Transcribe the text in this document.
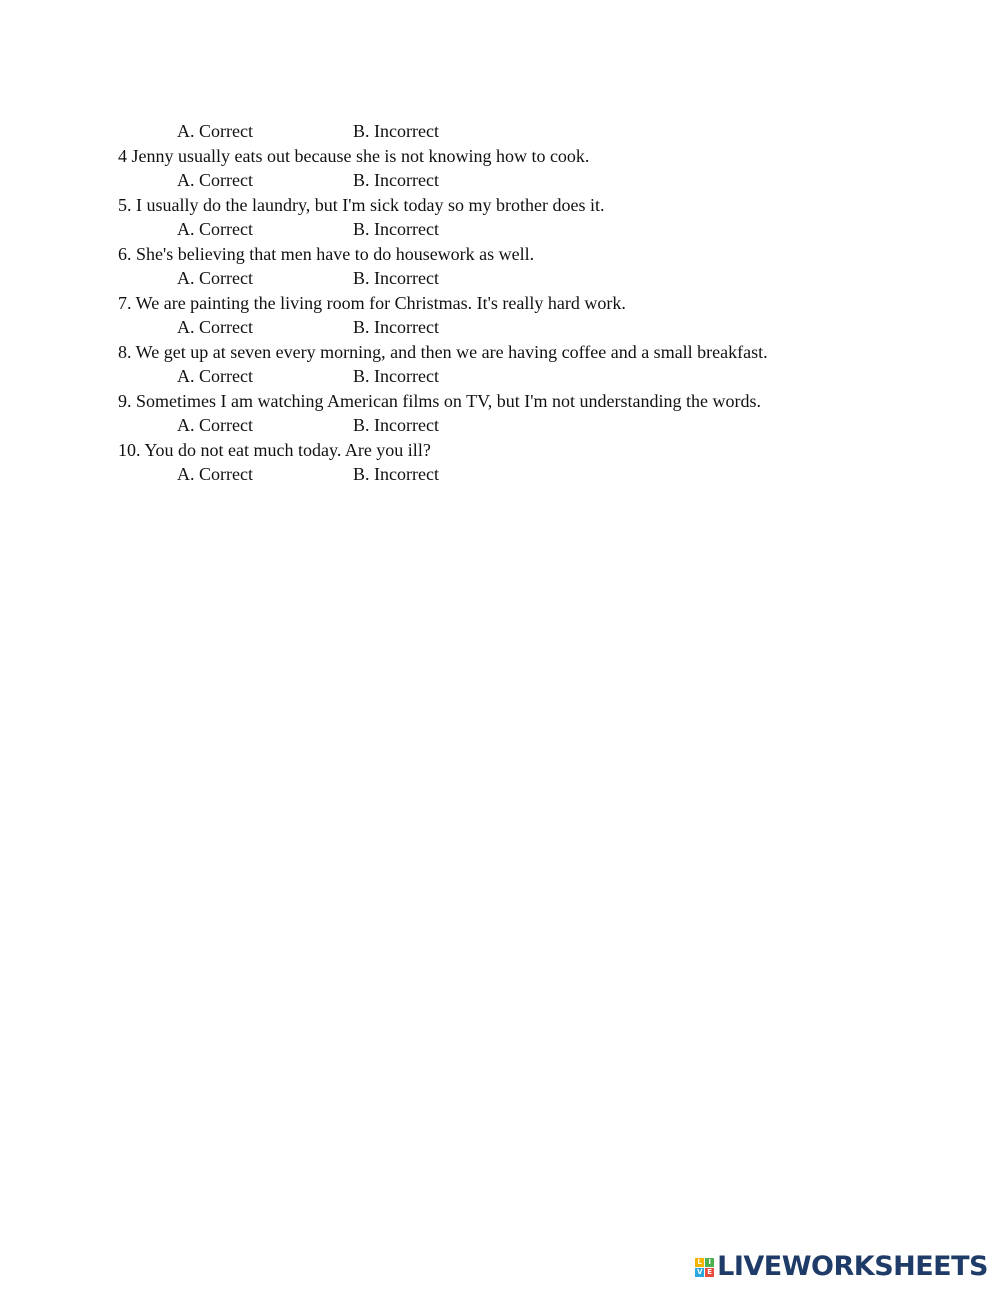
A. Correct	B. Incorrect
4 Jenny usually eats out because she is not knowing how to cook.
A. Correct	B. Incorrect
5. I usually do the laundry, but I'm sick today so my brother does it.
A. Correct	B. Incorrect
6. She's believing that men have to do housework as well.
A. Correct	B. Incorrect
7. We are painting the living room for Christmas. It's really hard work.
A. Correct	B. Incorrect
8. We get up at seven every morning, and then we are having coffee and a small breakfast.
A. Correct	B. Incorrect
9. Sometimes I am watching American films on TV, but I'm not understanding the words.
A. Correct	B. Incorrect
10. You do not eat much today. Are you ill?
A. Correct	B. Incorrect
L I
V E LIVEWORKSHEETS
